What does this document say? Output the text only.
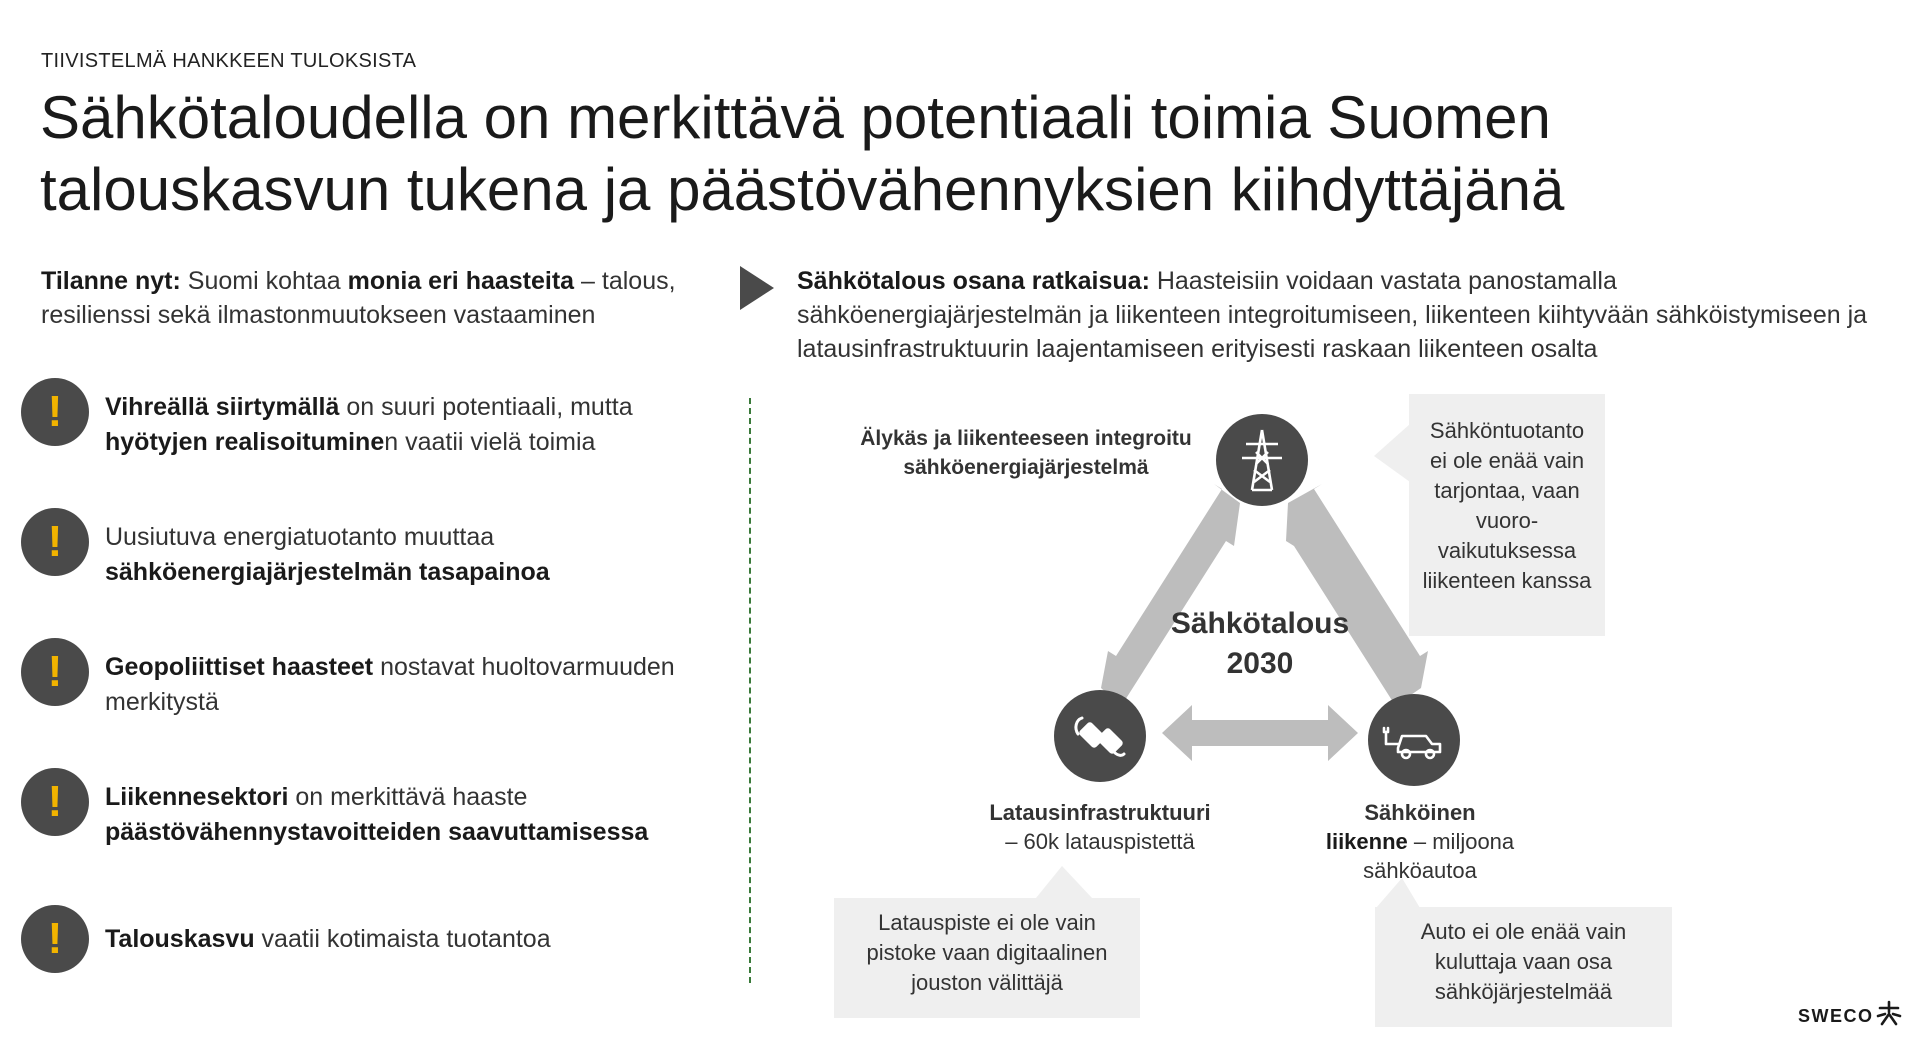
TIIVISTELMÄ HANKKEEN TULOKSISTA
Sähkötaloudella on merkittävä potentiaali toimia Suomen
talouskasvun tukena ja päästövähennyksien kiihdyttäjänä
Tilanne nyt: Suomi kohtaa monia eri haasteita – talous, resilienssi sekä ilmastonmuutokseen vastaaminen
Sähkötalous osana ratkaisua: Haasteisiin voidaan vastata panostamalla sähköenergiajärjestelmän ja liikenteen integroitumiseen, liikenteen kiihtyvään sähköistymiseen ja latausinfrastruktuurin laajentamiseen erityisesti raskaan liikenteen osalta
!	Vihreällä siirtymällä on suuri potentiaali, mutta hyötyjen realisoituminen vaatii vielä toimia
!	Uusiutuva energiatuotanto muuttaa sähköenergiajärjestelmän tasapainoa
!	Geopoliittiset haasteet nostavat huoltovarmuuden merkitystä
!	Liikennesektori on merkittävä haaste päästövähennystavoitteiden saavuttamisessa
!	Talouskasvu vaatii kotimaista tuotantoa
Sähkötalous
2030
Älykäs ja liikenteeseen integroitu
sähköenergiajärjestelmä
Latausinfrastruktuuri
– 60k latauspistettä
Sähköinen
liikenne – miljoona
sähköautoa
Sähköntuotanto
ei ole enää vain
tarjontaa, vaan
vuoro-
vaikutuksessa
liikenteen kanssa
Latauspiste ei ole vain
pistoke vaan digitaalinen
jouston välittäjä
Auto ei ole enää vain
kuluttaja vaan osa
sähköjärjestelmää
SWECO
